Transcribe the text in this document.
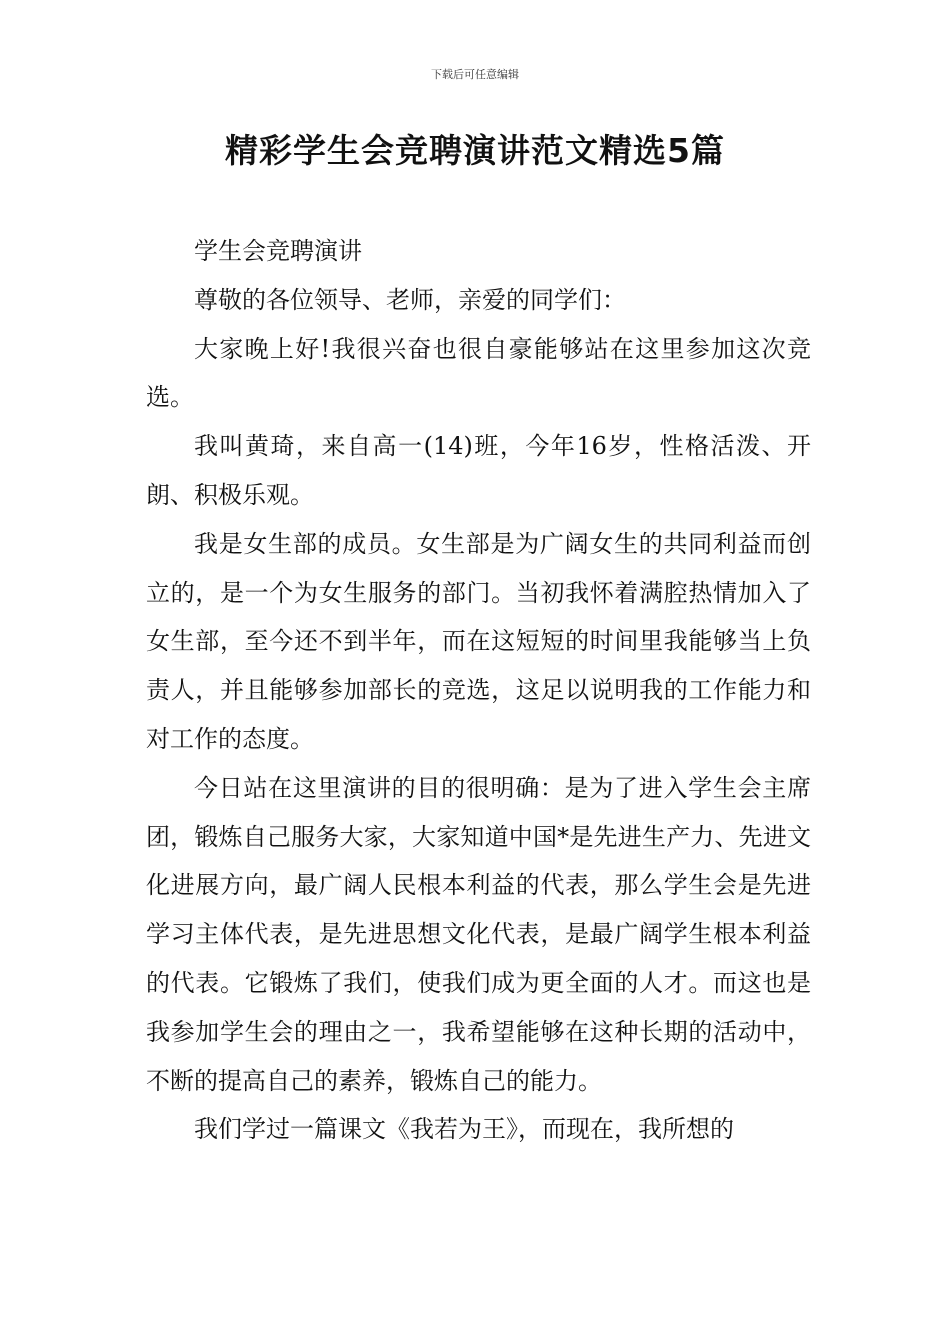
下载后可任意编辑
精彩学生会竞聘演讲范文精选5篇

学生会竞聘演讲

尊敬的各位领导、老师，亲爱的同学们：

大家晚上好!我很兴奋也很自豪能够站在这里参加这次竞选。

我叫黄琦，来自高一(14)班，今年16岁，性格活泼、开朗、积极乐观。

我是女生部的成员。女生部是为广阔女生的共同利益而创立的，是一个为女生服务的部门。当初我怀着满腔热情加入了女生部，至今还不到半年，而在这短短的时间里我能够当上负责人，并且能够参加部长的竞选，这足以说明我的工作能力和对工作的态度。

今日站在这里演讲的目的很明确：是为了进入学生会主席团，锻炼自己服务大家，大家知道中国*是先进生产力、先进文化进展方向，最广阔人民根本利益的代表，那么学生会是先进学习主体代表，是先进思想文化代表，是最广阔学生根本利益的代表。它锻炼了我们，使我们成为更全面的人才。而这也是我参加学生会的理由之一，我希望能够在这种长期的活动中，不断的提高自己的素养，锻炼自己的能力。

我们学过一篇课文《我若为王》，而现在，我所想的
